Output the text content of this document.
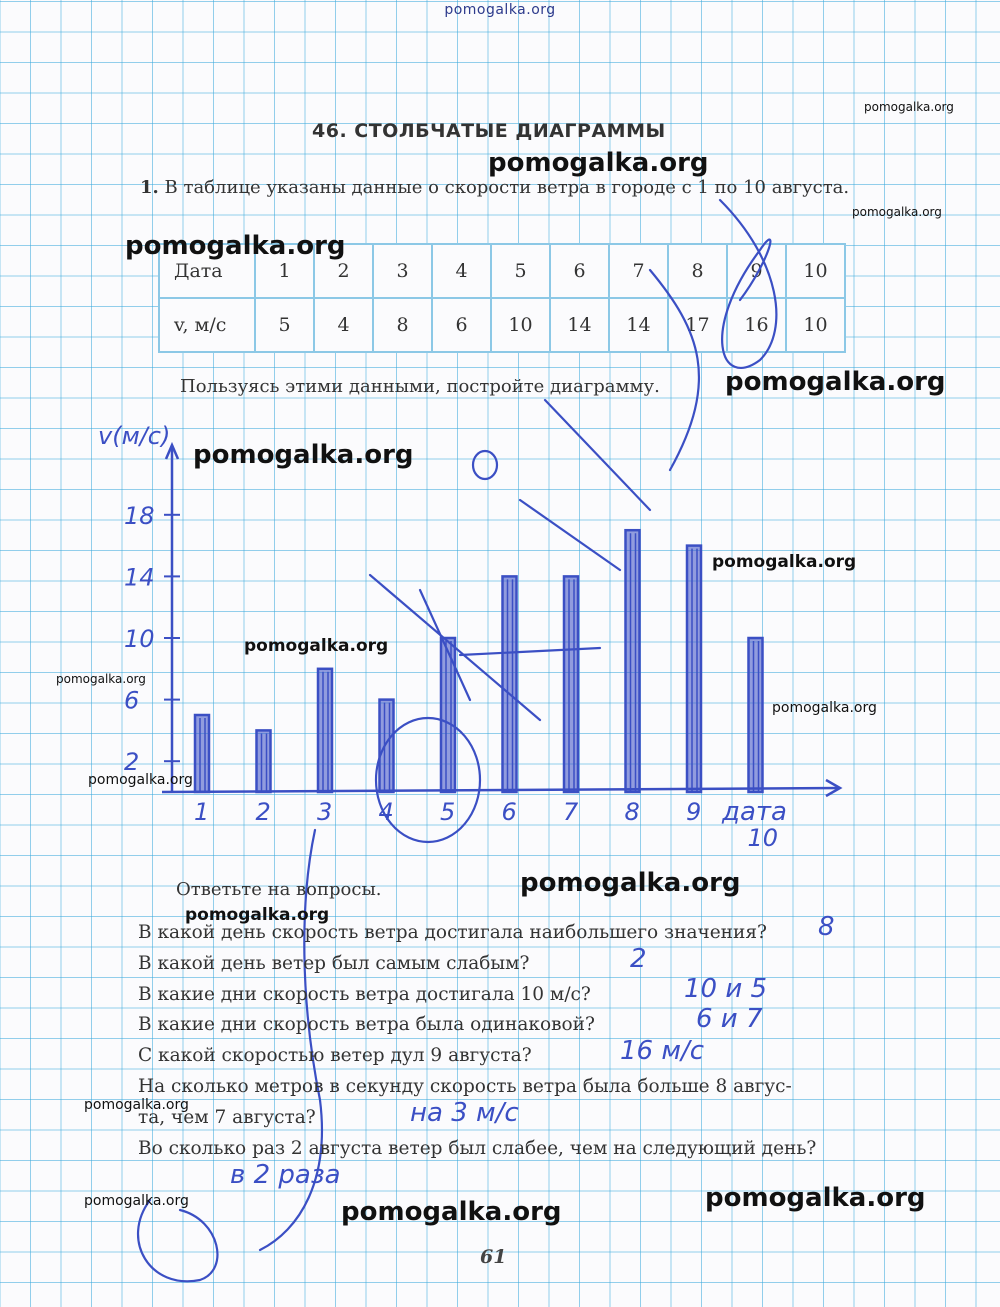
pomogalka.org
46. СТОЛБЧАТЫЕ ДИАГРАММЫ
1. В таблице указаны данные о скорости ветра в городе с 1 по 10 августа.
Дата	1	2	3	4	5	6	7	8	9	10
v, м/с	5	4	8	6	10	14	14	17	16	10
Пользуясь этими данными, постройте диаграмму.
2
6
10
14
18
1 2 3 4 5 6 7 8 9
10
v(м/с)
дата
Ответьте на вопросы.
В какой день скорость ветра достигала наибольшего значения? 8
В какой день ветер был самым слабым?	2
В какие дни скорость ветра достигала 10 м/с?	10 и 5
В какие дни скорость ветра была одинаковой?	6 и 7
С какой скоростью ветер дул 9 августа?	16 м/с
На сколько метров в секунду скорость ветра была больше 8 авгус-
та, чем 7 августа?	на 3 м/с
Во сколько раз 2 августа ветер был слабее, чем на следующий день?
в 2 раза
61
pomogalka.org
pomogalka.org
pomogalka.org
pomogalka.org
pomogalka.org
pomogalka.org
pomogalka.org
pomogalka.org
pomogalka.org
pomogalka.org
pomogalka.org
pomogalka.org
pomogalka.org
pomogalka.org
pomogalka.org
pomogalka.org	pomogalka.org
